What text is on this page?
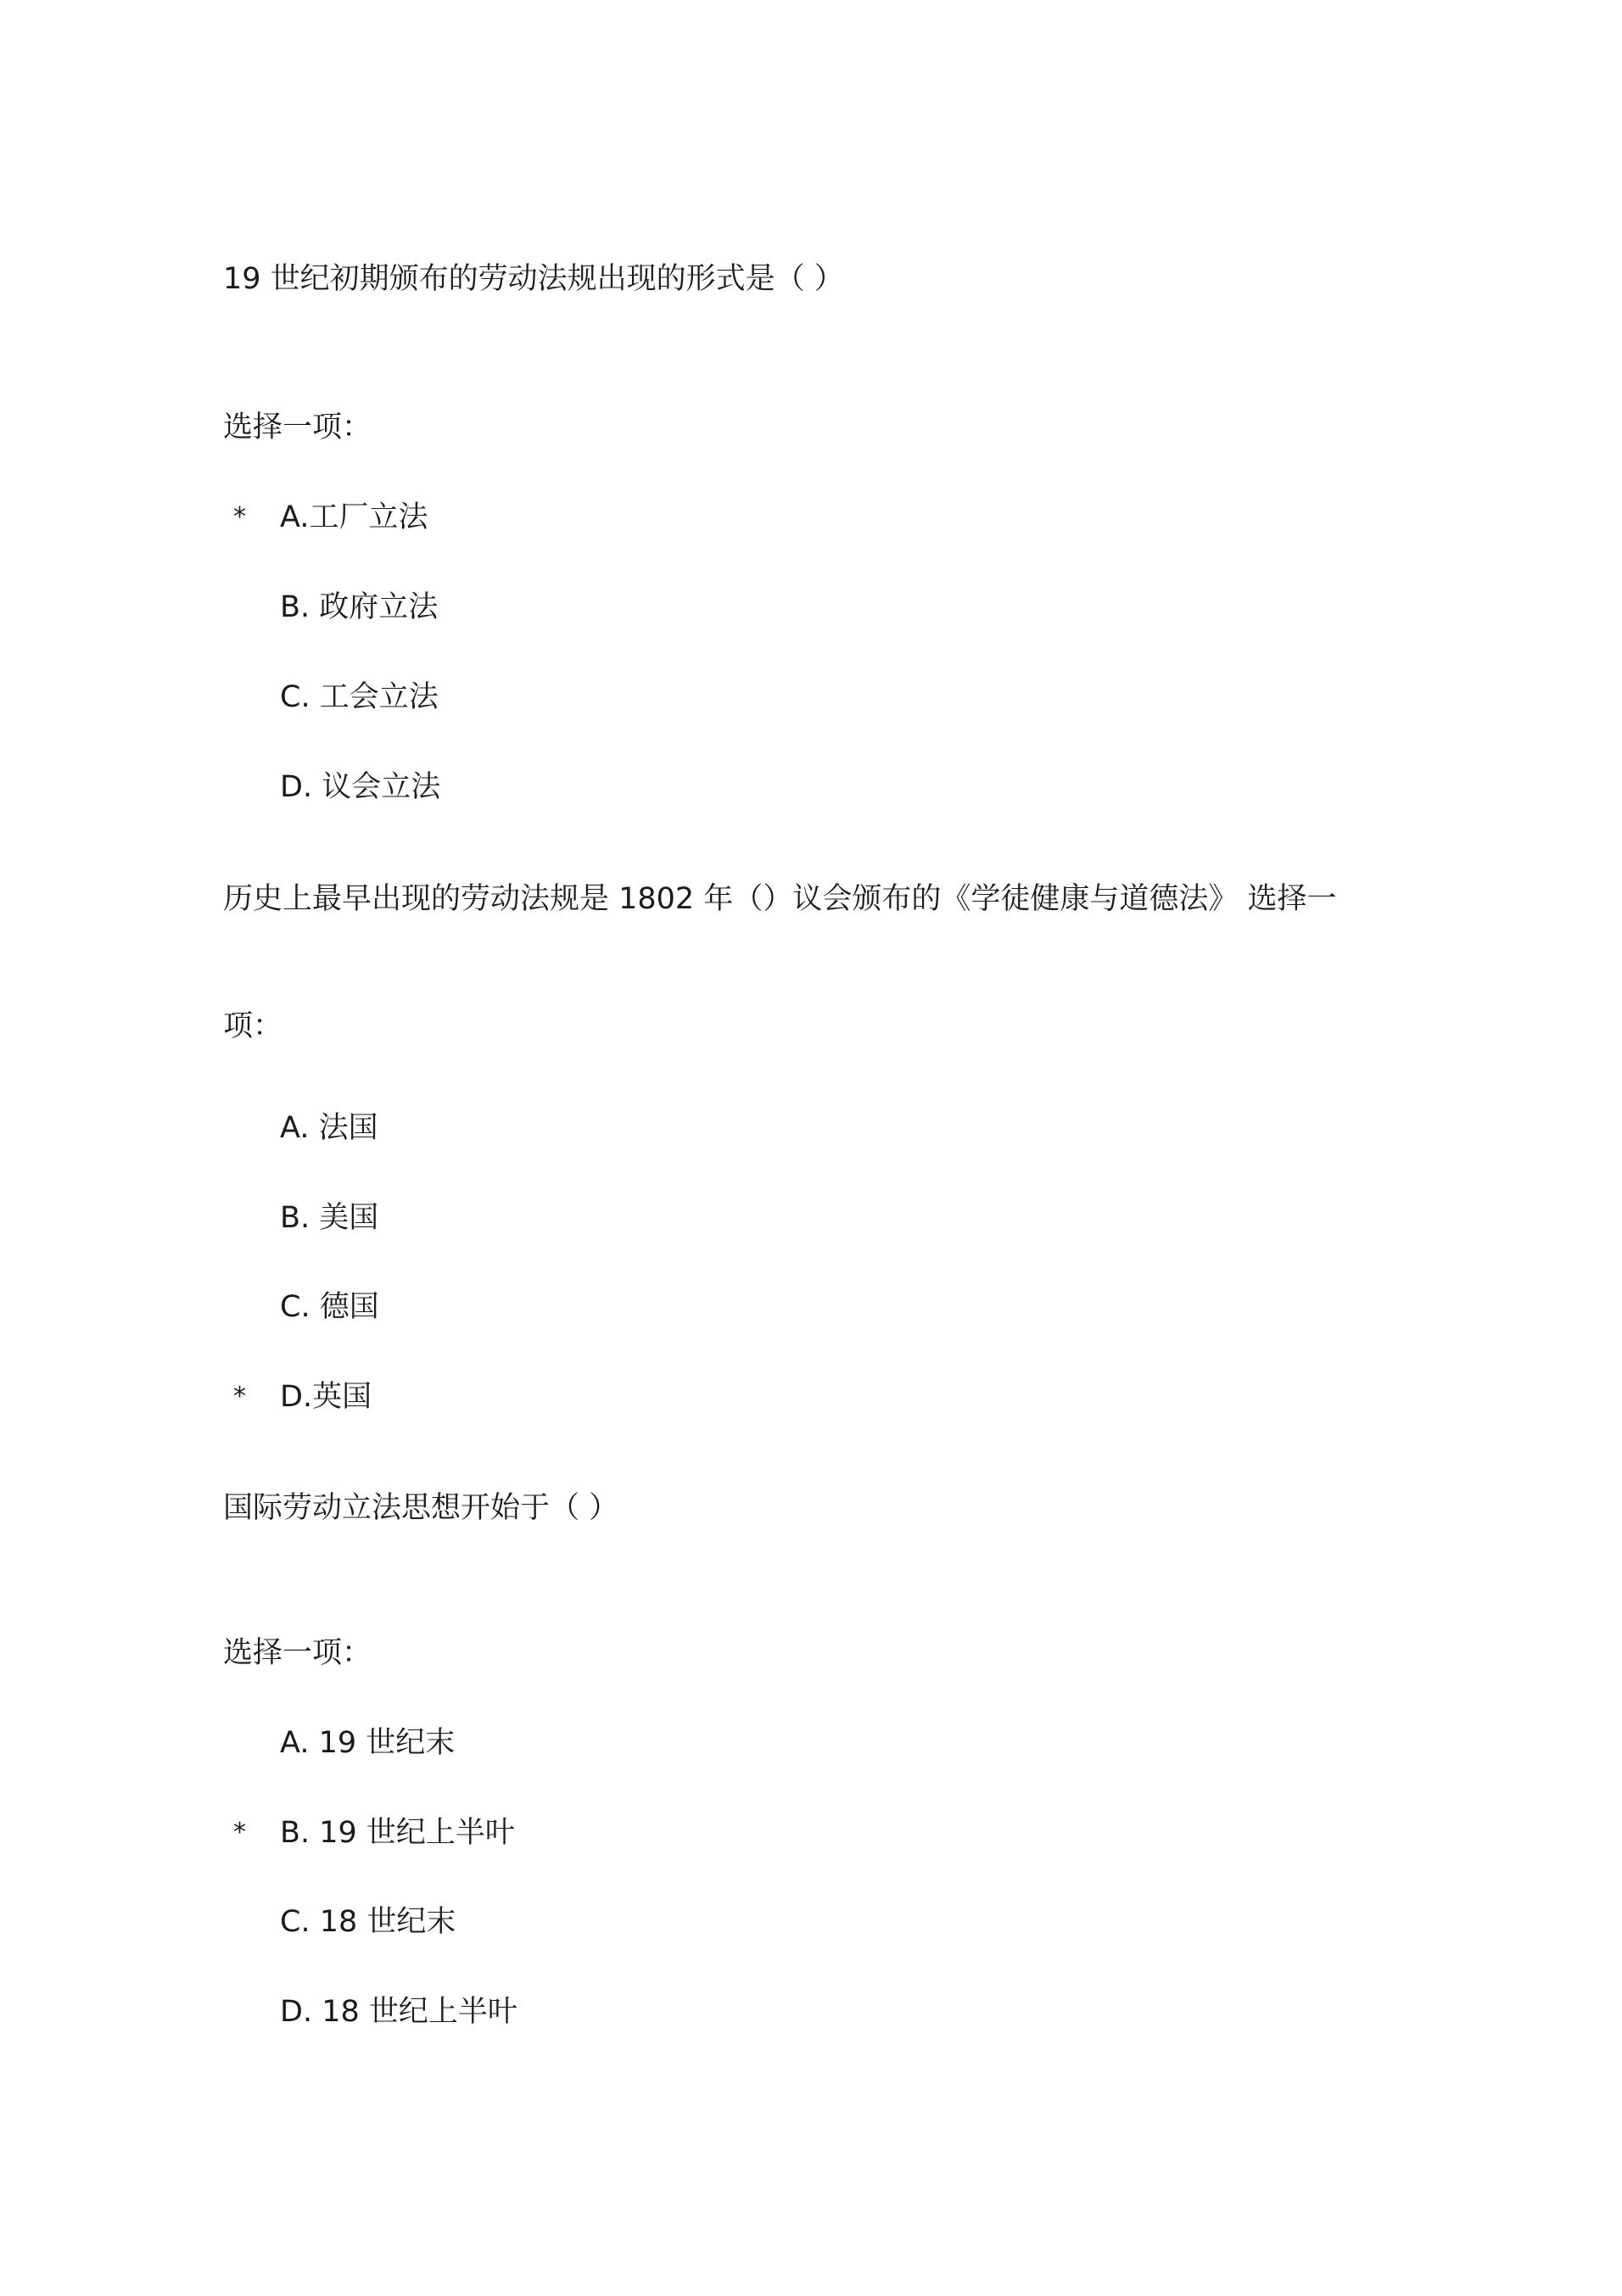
19 世纪初期颁布的劳动法规出现的形式是（ ）
选择一项：
* A.工厂立法
B. 政府立法
C. 工会立法
D. 议会立法
历史上最早出现的劳动法规是 1802 年（）议会颁布的《学徒健康与道德法》 选择一
项：
A. 法国
B. 美国
C. 德国
* D.英国
国际劳动立法思想开始于（ ）
选择一项：
A. 19 世纪末
* B. 19 世纪上半叶
C. 18 世纪末
D. 18 世纪上半叶
